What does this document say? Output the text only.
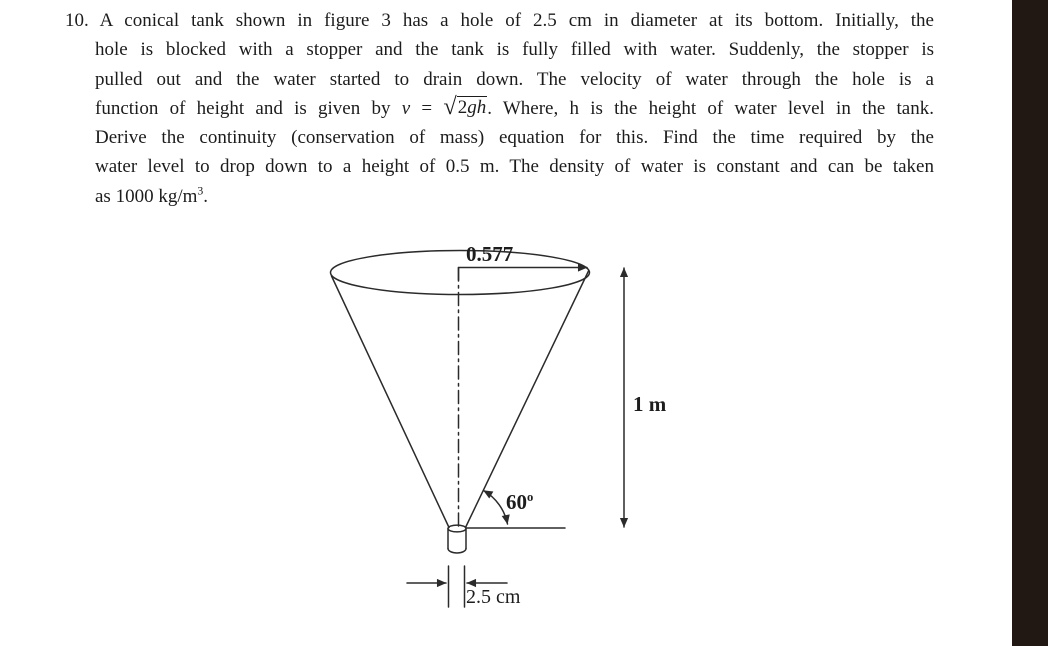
10. A conical tank shown in figure 3 has a hole of 2.5 cm in diameter at its bottom. Initially, the
hole is blocked with a stopper and the tank is fully filled with water. Suddenly, the stopper is
pulled out and the water started to drain down. The velocity of water through the hole is a
function of height and is given by v = √2gh. Where, h is the height of water level in the tank.
Derive the continuity (conservation of mass) equation for this. Find the time required by the
water level to drop down to a height of 0.5 m. The density of water is constant and can be taken
as 1000 $kg/m^3$.
0.577
1 m
60$^o$
2.5 cm
